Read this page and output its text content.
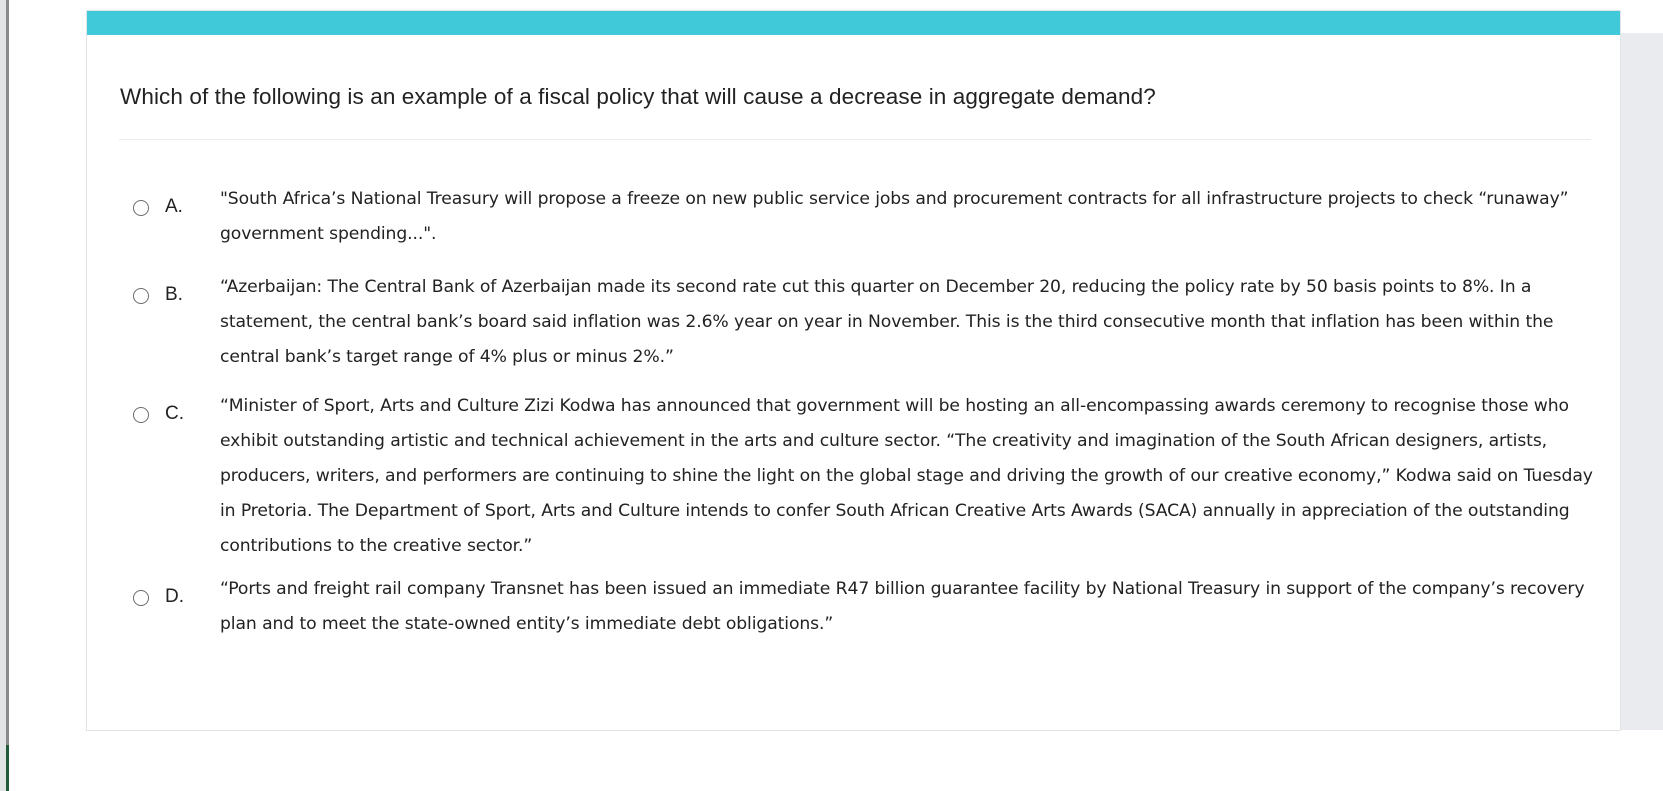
Which of the following is an example of a fiscal policy that will cause a decrease in aggregate demand?
A. "South Africa’s National Treasury will propose a freeze on new public service jobs and procurement contracts for all infrastructure projects to check “runaway” government spending...".
B. “Azerbaijan: The Central Bank of Azerbaijan made its second rate cut this quarter on December 20, reducing the policy rate by 50 basis points to 8%. In a statement, the central bank’s board said inflation was 2.6% year on year in November. This is the third consecutive month that inflation has been within the central bank’s target range of 4% plus or minus 2%.”
C. “Minister of Sport, Arts and Culture Zizi Kodwa has announced that government will be hosting an all-encompassing awards ceremony to recognise those who exhibit outstanding artistic and technical achievement in the arts and culture sector. “The creativity and imagination of the South African designers, artists, producers, writers, and performers are continuing to shine the light on the global stage and driving the growth of our creative economy,” Kodwa said on Tuesday in Pretoria. The Department of Sport, Arts and Culture intends to confer South African Creative Arts Awards (SACA) annually in appreciation of the outstanding contributions to the creative sector.”
D. “Ports and freight rail company Transnet has been issued an immediate R47 billion guarantee facility by National Treasury in support of the company’s recovery plan and to meet the state-owned entity’s immediate debt obligations.”
